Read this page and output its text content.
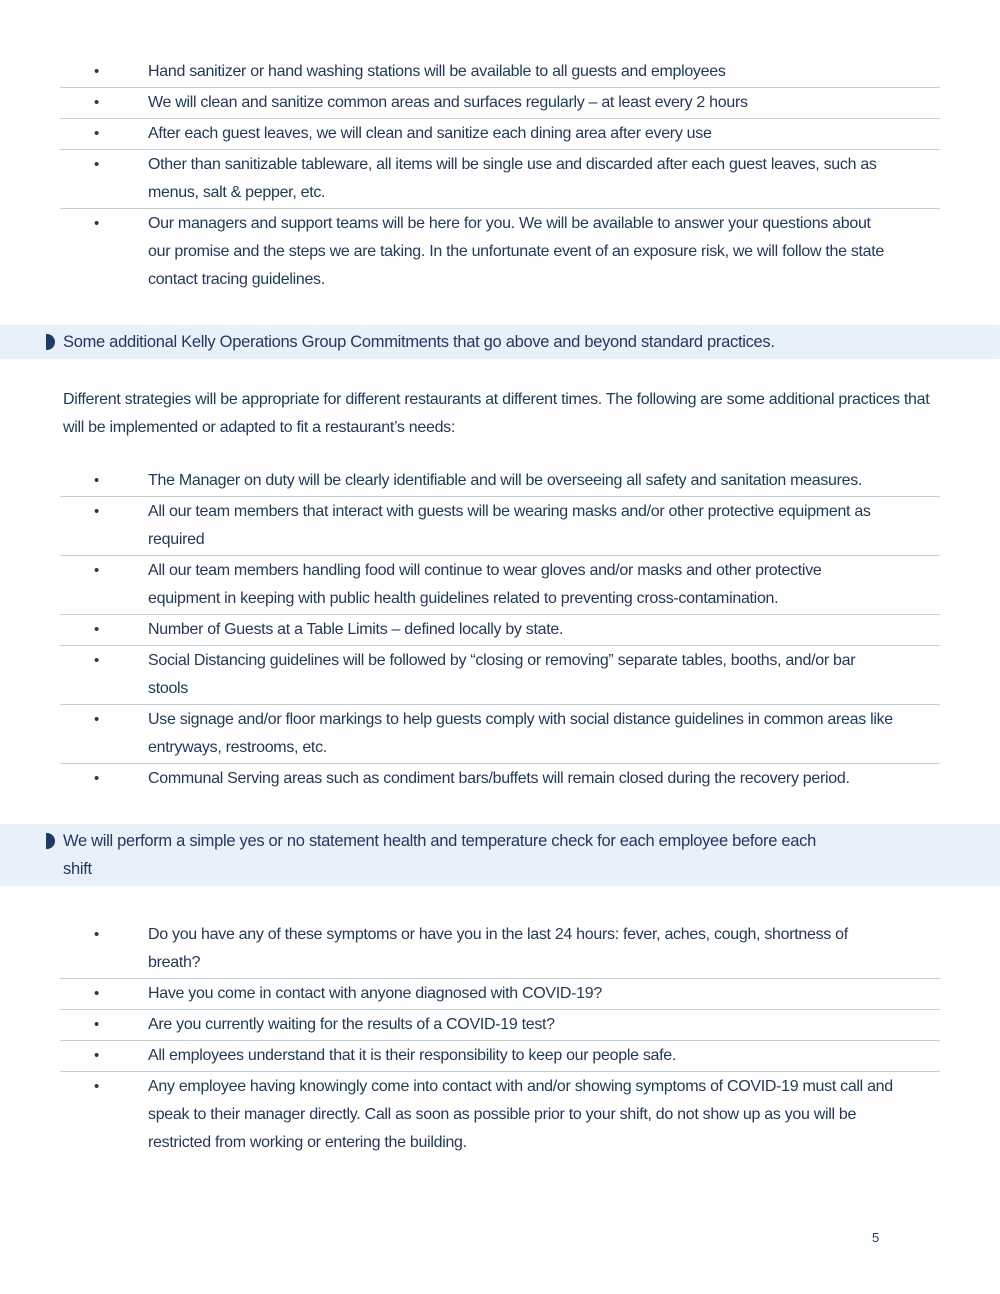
•	Hand sanitizer or hand washing stations will be available to all guests and employees
•	We will clean and sanitize common areas and surfaces regularly – at least every 2 hours
•	After each guest leaves, we will clean and sanitize each dining area after every use
•	Other than sanitizable tableware, all items will be single use and discarded after each guest leaves, such as menus, salt & pepper, etc.
•	Our managers and support teams will be here for you. We will be available to answer your questions about our promise and the steps we are taking. In the unfortunate event of an exposure risk, we will follow the state contact tracing guidelines.
Some additional Kelly Operations Group Commitments that go above and beyond standard practices.

Different strategies will be appropriate for different restaurants at different times. The following are some additional practices that will be implemented or adapted to fit a restaurant’s needs:

•	The Manager on duty will be clearly identifiable and will be overseeing all safety and sanitation measures.
•	All our team members that interact with guests will be wearing masks and/or other protective equipment as required
•	All our team members handling food will continue to wear gloves and/or masks and other protective equipment in keeping with public health guidelines related to preventing cross-contamination.
•	Number of Guests at a Table Limits – defined locally by state.
•	Social Distancing guidelines will be followed by “closing or removing” separate tables, booths, and/or bar stools
•	Use signage and/or floor markings to help guests comply with social distance guidelines in common areas like entryways, restrooms, etc.
•	Communal Serving areas such as condiment bars/buffets will remain closed during the recovery period.
We will perform a simple yes or no statement health and temperature check for each employee before each shift
•	Do you have any of these symptoms or have you in the last 24 hours: fever, aches, cough, shortness of breath?
•	Have you come in contact with anyone diagnosed with COVID-19?
•	Are you currently waiting for the results of a COVID-19 test?
•	All employees understand that it is their responsibility to keep our people safe.
•	Any employee having knowingly come into contact with and/or showing symptoms of COVID-19 must call and speak to their manager directly. Call as soon as possible prior to your shift, do not show up as you will be restricted from working or entering the building.
5
